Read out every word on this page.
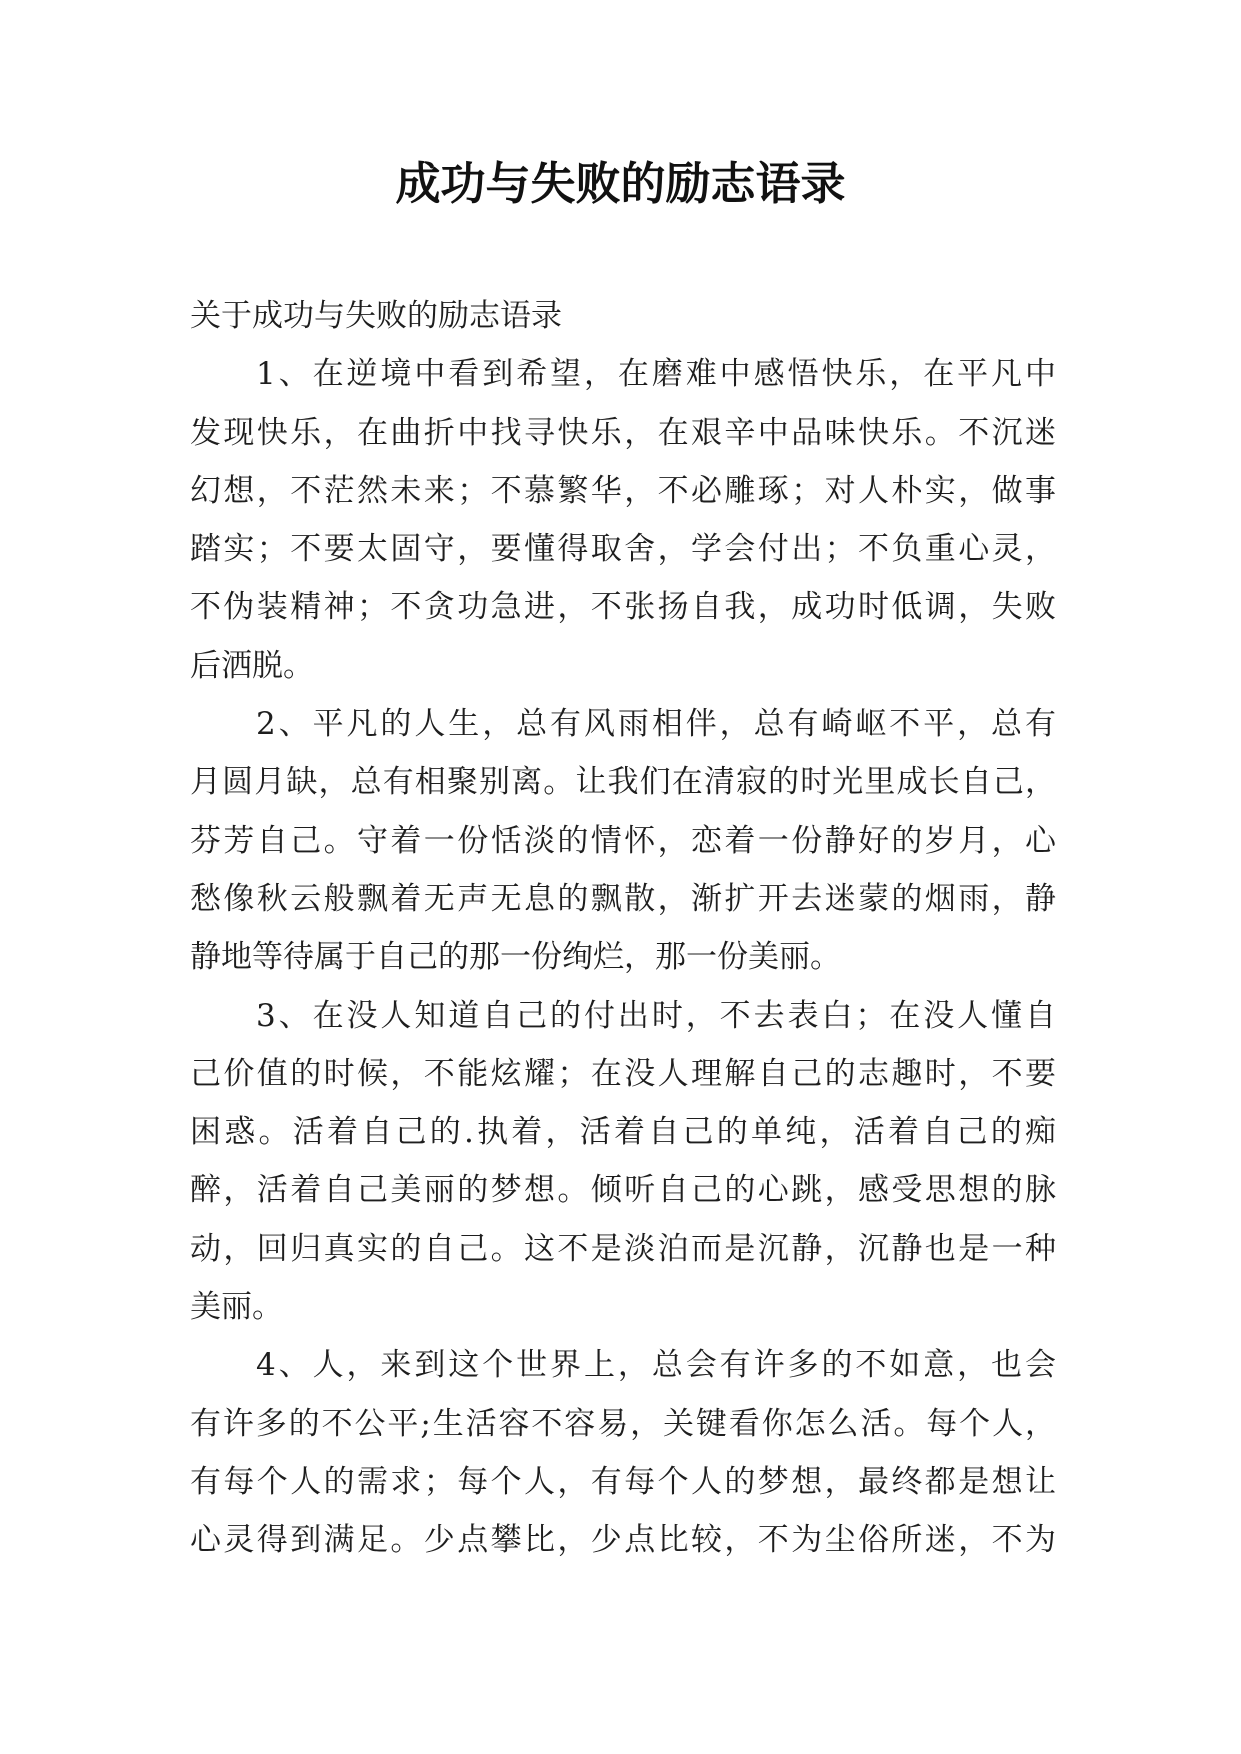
成功与失败的励志语录
关于成功与失败的励志语录
1、在逆境中看到希望，在磨难中感悟快乐，在平凡中
发现快乐，在曲折中找寻快乐，在艰辛中品味快乐。不沉迷
幻想，不茫然未来；不慕繁华，不必雕琢；对人朴实，做事
踏实；不要太固守，要懂得取舍，学会付出；不负重心灵，
不伪装精神；不贪功急进，不张扬自我，成功时低调，失败
后洒脱。
2、平凡的人生，总有风雨相伴，总有崎岖不平，总有
月圆月缺，总有相聚别离。让我们在清寂的时光里成长自己，
芬芳自己。守着一份恬淡的情怀，恋着一份静好的岁月，心
愁像秋云般飘着无声无息的飘散，渐扩开去迷蒙的烟雨，静
静地等待属于自己的那一份绚烂，那一份美丽。
3、在没人知道自己的付出时，不去表白；在没人懂自
己价值的时候，不能炫耀；在没人理解自己的志趣时，不要
困惑。活着自己的.执着，活着自己的单纯，活着自己的痴
醉，活着自己美丽的梦想。倾听自己的心跳，感受思想的脉
动，回归真实的自己。这不是淡泊而是沉静，沉静也是一种
美丽。
4、人，来到这个世界上，总会有许多的不如意，也会
有许多的不公平;生活容不容易，关键看你怎么活。每个人，
有每个人的需求；每个人，有每个人的梦想，最终都是想让
心灵得到满足。少点攀比，少点比较，不为尘俗所迷，不为
